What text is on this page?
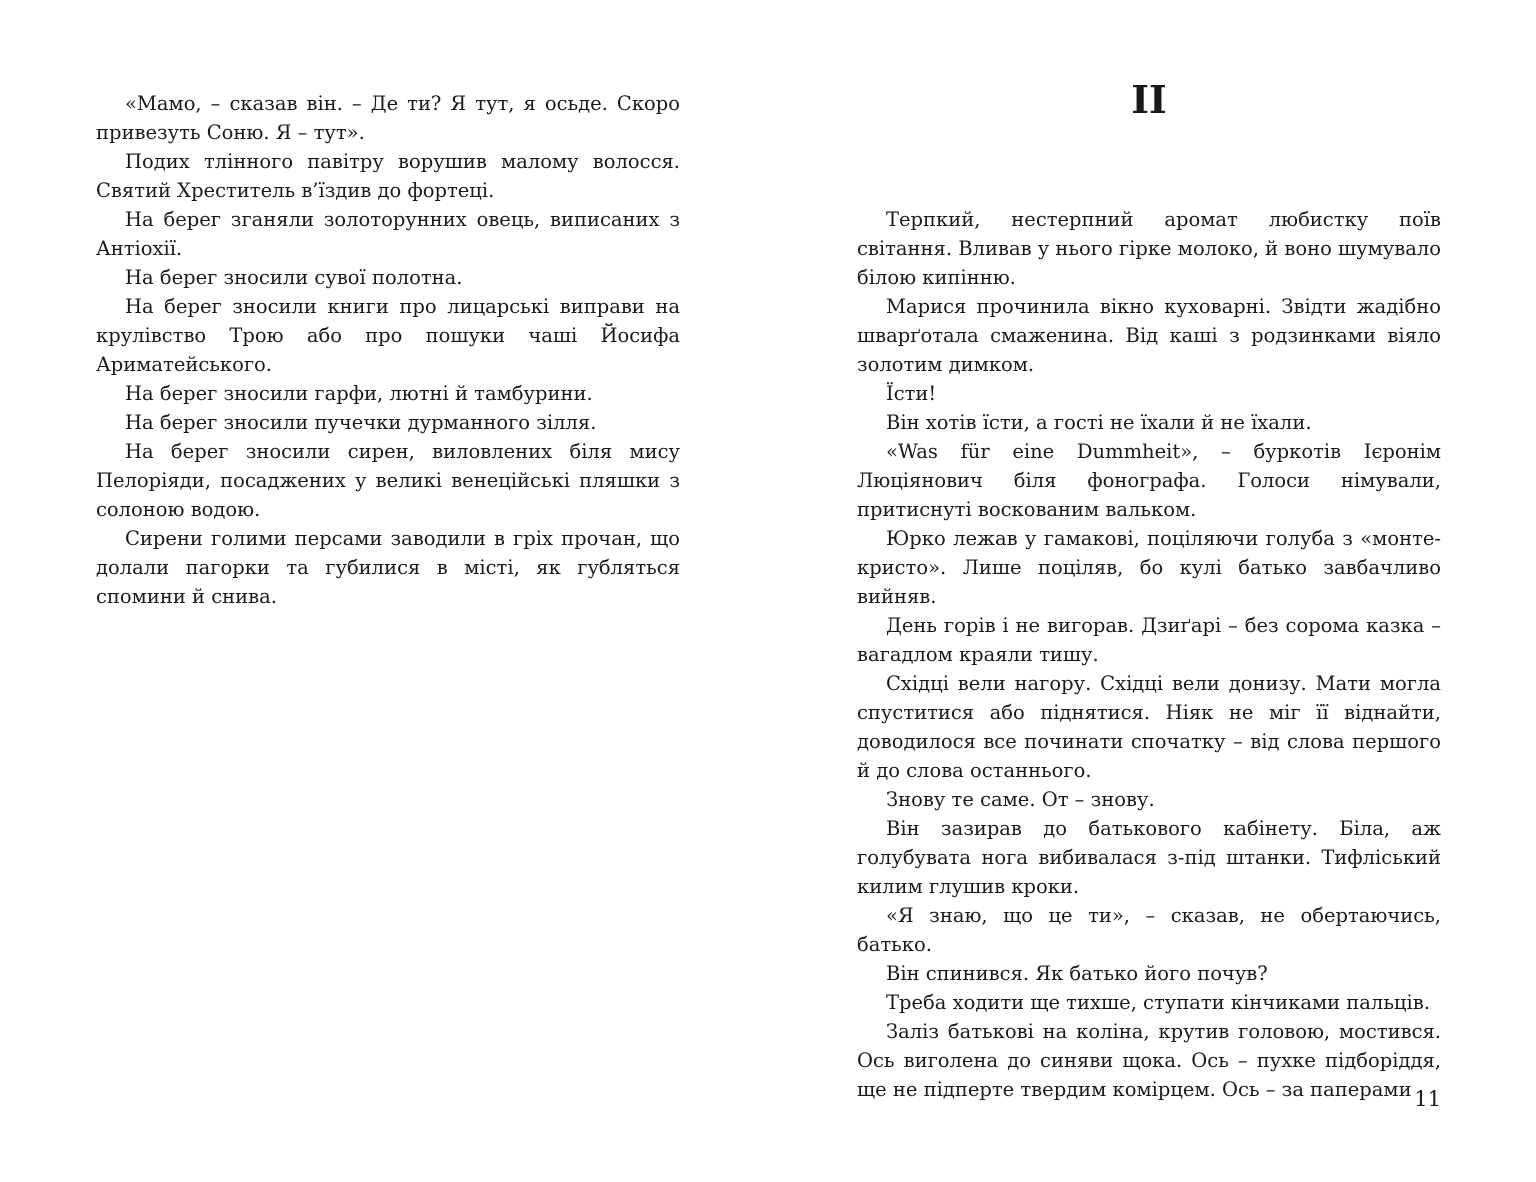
«Мамо, – сказав він. – Де ти? Я тут, я осьде. Скоро привезуть Соню. Я – тут».

Подих тлінного павітру ворушив малому волосся. Святий Хреститель в’їздив до фортеці.

На берег зганяли золоторунних овець, виписаних з Антіохії.

На берег зносили сувої полотна.

На берег зносили книги про лицарські виправи на крулівство Трою або про пошуки чаші Йосифа Ариматейського.

На берег зносили гарфи, лютні й тамбурини.

На берег зносили пучечки дурманного зілля.

На берег зносили сирен, виловлених біля мису Пелоріяди, посаджених у великі венеційські пляшки з солоною водою.

Сирени голими персами заводили в гріх прочан, що долали пагорки та губилися в місті, як губляться спомини й снива.

II

Терпкий, нестерпний аромат любистку поїв світання. Вливав у нього гірке молоко, й воно шумувало білою кипінню.

Марися прочинила вікно куховарні. Звідти жадібно шварґотала смаженина. Від каші з родзинками віяло золотим димком.

Їсти!

Він хотів їсти, а гості не їхали й не їхали.

«Was für eine Dummheit», – буркотів Ієронім Люціянович біля фонографа. Голоси німували, притиснуті воскованим вальком.

Юрко лежав у гамакові, поціляючи голуба з «монте-кристо». Лише поціляв, бо кулі батько завбачливо вийняв.

День горів і не вигорав. Дзиґарі – без сорома казка – вагадлом краяли тишу.

Східці вели нагору. Східці вели донизу. Мати могла спуститися або піднятися. Ніяк не міг її віднайти, доводилося все починати спочатку – від слова першого й до слова останнього.

Знову те саме. От – знову.

Він зазирав до батькового кабінету. Біла, аж голубувата нога вибивалася з-під штанки. Тифліський килим глушив кроки.

«Я знаю, що це ти», – сказав, не обертаючись, батько.

Він спинився. Як батько його почув?

Треба ходити ще тихше, ступати кінчиками пальців.

Заліз батькові на коліна, крутив головою, мостився. Ось виголена до синяви щока. Ось – пухке підборіддя, ще не підперте твердим комірцем. Ось – за паперами 11
